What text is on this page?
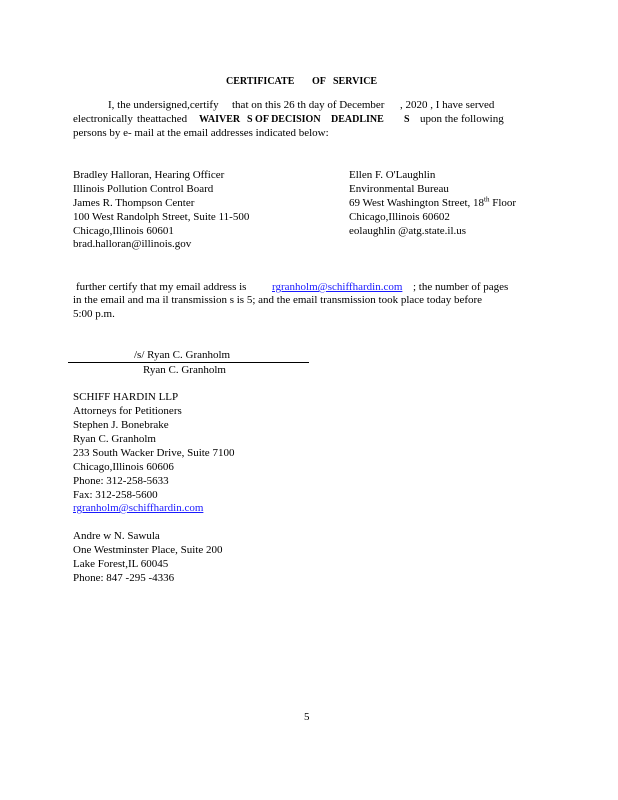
CERTIFICATE OF SERVICE
I, the undersigned,certify that on this 26 th day of December , 2020 , I have served
electronically theattached WAIVER S OF DECISION DEADLINE S upon the following
persons by e- mail at the email addresses indicated below:
Bradley Halloran, Hearing Officer
Illinois Pollution Control Board
James R. Thompson Center
100 West Randolph Street, Suite 11-500
Chicago,Illinois 60601
brad.halloran@illinois.gov
Ellen F. O'Laughlin
Environmental Bureau
69 West Washington Street, 18th Floor
Chicago,Illinois 60602
eolaughlin @atg.state.il.us
further certify that my email address is rgranholm@schiffhardin.com ; the number of pages
in the email and ma il transmission s is 5; and the email transmission took place today before
5:00 p.m.
/s/ Ryan C. Granholm
Ryan C. Granholm
SCHIFF HARDIN LLP
Attorneys for Petitioners
Stephen J. Bonebrake
Ryan C. Granholm
233 South Wacker Drive, Suite 7100
Chicago,Illinois 60606
Phone: 312-258-5633
Fax: 312-258-5600
rgranholm@schiffhardin.com
Andre w N. Sawula
One Westminster Place, Suite 200
Lake Forest,IL 60045
Phone: 847 -295 -4336
5
